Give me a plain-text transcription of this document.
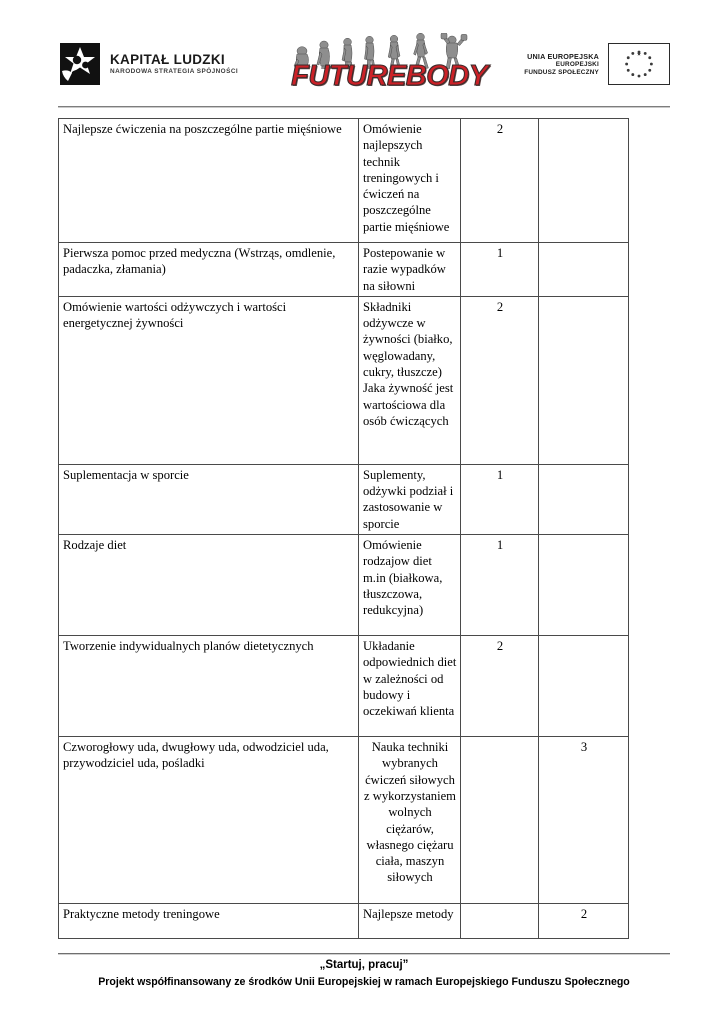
KAPITAŁ LUDZKI
NARODOWA STRATEGIA SPÓJNOŚCI FUTUREBODY
UNIA EUROPEJSKA
EUROPEJSKI
FUNDUSZ SPOŁECZNY
Najlepsze ćwiczenia na poszczególne partie mięśniowe	Omówienie najlepszych technik treningowych i ćwiczeń na poszczególne partie mięśniowe	2	
Pierwsza pomoc przed medyczna (Wstrząs, omdlenie, padaczka, złamania)	Postepowanie w razie wypadków na siłowni	1	
Omówienie wartości odżywczych i wartości energetycznej żywności	Składniki odżywcze w żywności (białko, węglowadany, cukry, tłuszcze) Jaka żywność jest wartościowa dla osób ćwiczących	2	
Suplementacja w sporcie	Suplementy, odżywki podział i zastosowanie w sporcie	1	
Rodzaje diet	Omówienie rodzajow diet m.in (białkowa, tłuszczowa, redukcyjna)	1	
Tworzenie indywidualnych planów dietetycznych	Układanie odpowiednich diet w zależności od budowy i oczekiwań klienta	2	
Czworogłowy uda, dwugłowy uda, odwodziciel uda, przywodziciel uda, pośladki	Nauka techniki wybranych ćwiczeń siłowych z wykorzystaniem wolnych ciężarów, własnego ciężaru ciała, maszyn siłowych		3
Praktyczne metody treningowe	Najlepsze metody		2
„Startuj, pracuj”
Projekt współfinansowany ze środków Unii Europejskiej w ramach Europejskiego Funduszu Społecznego
